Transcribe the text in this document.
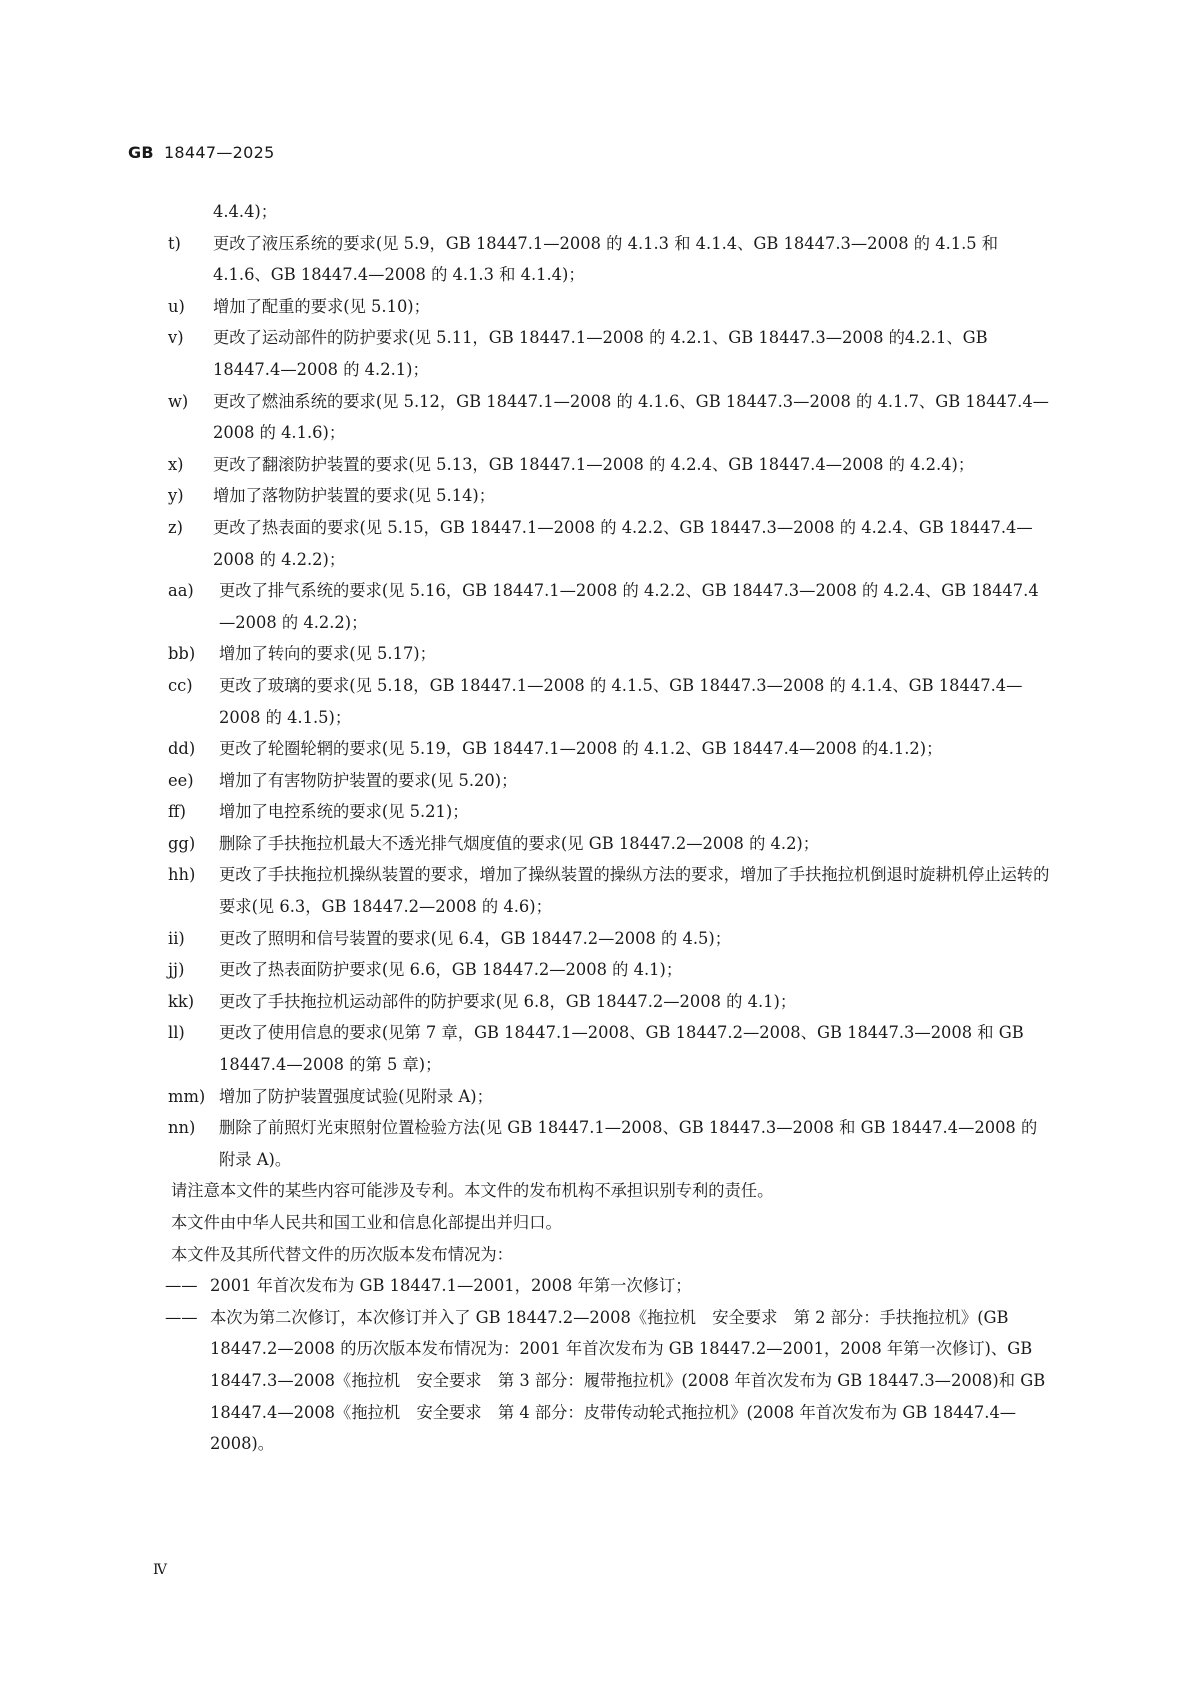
GB 18447—2025
4.4.4)；
t) 更改了液压系统的要求(见 5.9，GB 18447.1—2008 的 4.1.3 和 4.1.4、GB 18447.3—2008 的 4.1.5 和 4.1.6、GB 18447.4—2008 的 4.1.3 和 4.1.4)；
u) 增加了配重的要求(见 5.10)；
v) 更改了运动部件的防护要求(见 5.11，GB 18447.1—2008 的 4.2.1、GB 18447.3—2008 的4.2.1、GB 18447.4—2008 的 4.2.1)；
w) 更改了燃油系统的要求(见 5.12，GB 18447.1—2008 的 4.1.6、GB 18447.3—2008 的 4.1.7、GB 18447.4—2008 的 4.1.6)；
x) 更改了翻滚防护装置的要求(见 5.13，GB 18447.1—2008 的 4.2.4、GB 18447.4—2008 的 4.2.4)；
y) 增加了落物防护装置的要求(见 5.14)；
z) 更改了热表面的要求(见 5.15，GB 18447.1—2008 的 4.2.2、GB 18447.3—2008 的 4.2.4、GB 18447.4—2008 的 4.2.2)；
aa) 更改了排气系统的要求(见 5.16，GB 18447.1—2008 的 4.2.2、GB 18447.3—2008 的 4.2.4、GB 18447.4—2008 的 4.2.2)；
bb) 增加了转向的要求(见 5.17)；
cc) 更改了玻璃的要求(见 5.18，GB 18447.1—2008 的 4.1.5、GB 18447.3—2008 的 4.1.4、GB 18447.4—2008 的 4.1.5)；
dd) 更改了轮圈轮辋的要求(见 5.19，GB 18447.1—2008 的 4.1.2、GB 18447.4—2008 的4.1.2)；
ee) 增加了有害物防护装置的要求(见 5.20)；
ff) 增加了电控系统的要求(见 5.21)；
gg) 删除了手扶拖拉机最大不透光排气烟度值的要求(见 GB 18447.2—2008 的 4.2)；
hh) 更改了手扶拖拉机操纵装置的要求，增加了操纵装置的操纵方法的要求，增加了手扶拖拉机倒退时旋耕机停止运转的要求(见 6.3，GB 18447.2—2008 的 4.6)；
ii) 更改了照明和信号装置的要求(见 6.4，GB 18447.2—2008 的 4.5)；
jj) 更改了热表面防护要求(见 6.6，GB 18447.2—2008 的 4.1)；
kk) 更改了手扶拖拉机运动部件的防护要求(见 6.8，GB 18447.2—2008 的 4.1)；
ll) 更改了使用信息的要求(见第 7 章，GB 18447.1—2008、GB 18447.2—2008、GB 18447.3—2008 和 GB 18447.4—2008 的第 5 章)；
mm) 增加了防护装置强度试验(见附录 A)；
nn) 删除了前照灯光束照射位置检验方法(见 GB 18447.1—2008、GB 18447.3—2008 和 GB 18447.4—2008 的附录 A)。
请注意本文件的某些内容可能涉及专利。本文件的发布机构不承担识别专利的责任。
本文件由中华人民共和国工业和信息化部提出并归口。
本文件及其所代替文件的历次版本发布情况为：
—— 2001 年首次发布为 GB 18447.1—2001，2008 年第一次修订；
—— 本次为第二次修订，本次修订并入了 GB 18447.2—2008《拖拉机　安全要求　第 2 部分：手扶拖拉机》(GB 18447.2—2008 的历次版本发布情况为：2001 年首次发布为 GB 18447.2—2001，2008 年第一次修订)、GB 18447.3—2008《拖拉机　安全要求　第 3 部分：履带拖拉机》(2008 年首次发布为 GB 18447.3—2008)和 GB 18447.4—2008《拖拉机　安全要求　第 4 部分：皮带传动轮式拖拉机》(2008 年首次发布为 GB 18447.4—2008)。
Ⅳ
